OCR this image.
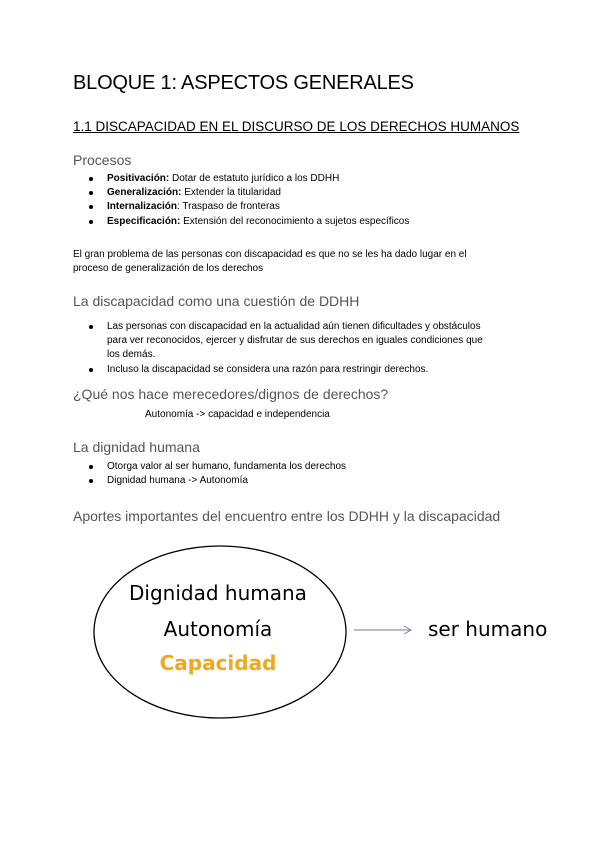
BLOQUE 1: ASPECTOS GENERALES
1.1 DISCAPACIDAD EN EL DISCURSO DE LOS DERECHOS HUMANOS
Procesos
Positivación: Dotar de estatuto jurídico a los DDHH
Generalización: Extender la titularidad
Internalización: Traspaso de fronteras
Especificación: Extensión del reconocimiento a sujetos específicos
El gran problema de las personas con discapacidad es que no se les ha dado lugar en el
proceso de generalización de los derechos
La discapacidad como una cuestión de DDHH
Las personas con discapacidad en la actualidad aún tienen dificultades y obstáculos
para ver reconocidos, ejercer y disfrutar de sus derechos en iguales condiciones que
los demás.
Incluso la discapacidad se considera una razón para restringir derechos.
¿Qué nos hace merecedores/dignos de derechos?
Autonomía -> capacidad e independencia
La dignidad humana
Otorga valor al ser humano, fundamenta los derechos
Dignidad humana -> Autonomía
Aportes importantes del encuentro entre los DDHH y la discapacidad
Dignidad humana
Autonomía
Capacidad
ser humano
